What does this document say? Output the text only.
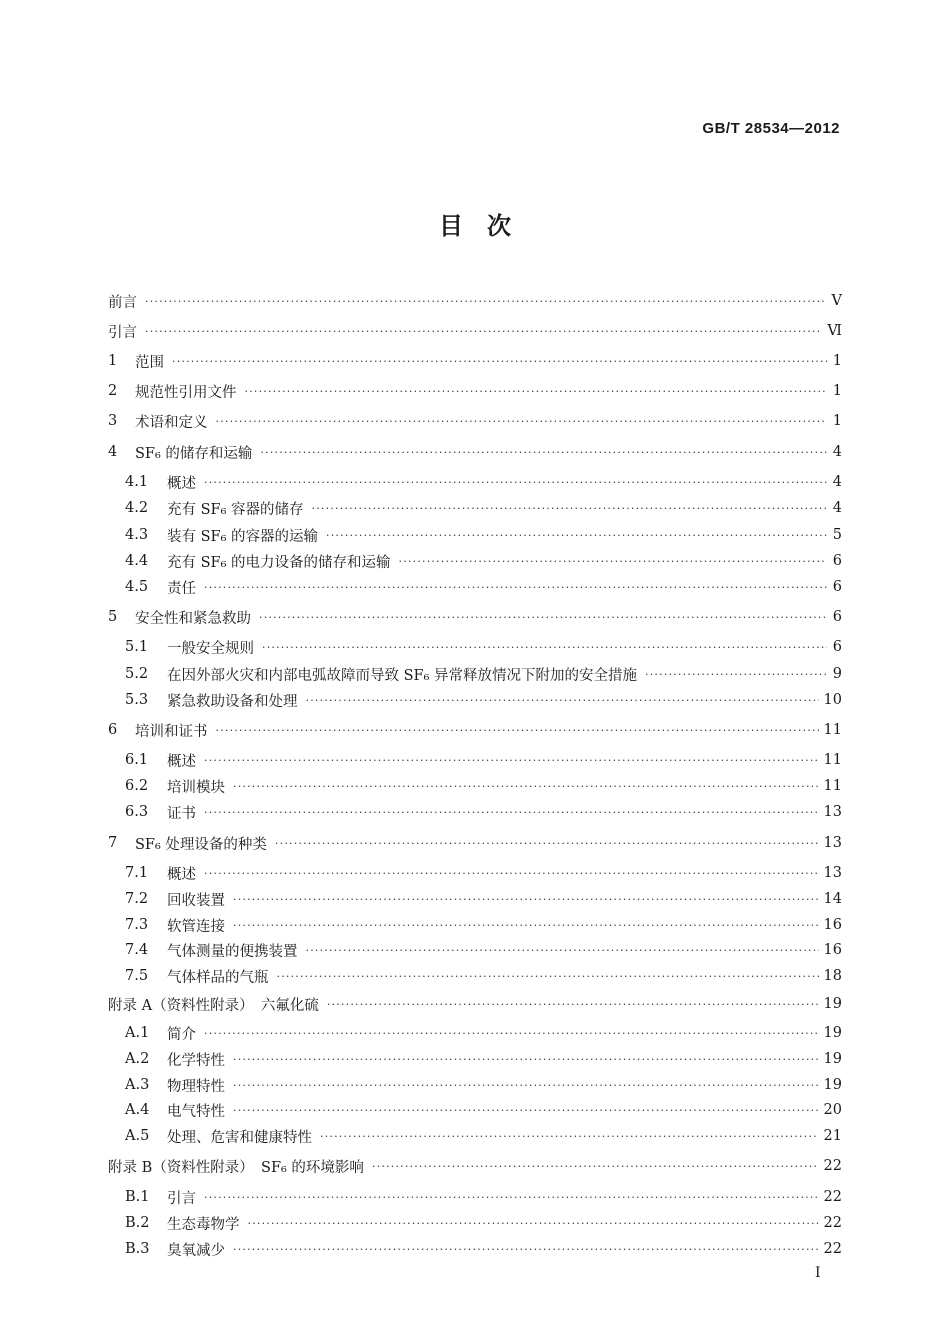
GB/T 28534—2012
目　次
前言 ·····	Ⅴ
引言 ·····	Ⅵ
1	范围 ·····	1
2	规范性引用文件 ·····	1
3	术语和定义 ·····	1
4	SF₆ 的储存和运输 ·····	4
4.1	概述 ·····	4
4.2	充有 SF₆ 容器的储存 ·····	4
4.3	装有 SF₆ 的容器的运输 ·····	5
4.4	充有 SF₆ 的电力设备的储存和运输 ·····	6
4.5	责任 ·····	6
5	安全性和紧急救助 ·····	6
5.1	一般安全规则 ·····	6
5.2	在因外部火灾和内部电弧故障而导致 SF₆ 异常释放情况下附加的安全措施 ·····	9
5.3	紧急救助设备和处理 ·····	10
6	培训和证书 ·····	11
6.1	概述 ·····	11
6.2	培训模块 ·····	11
6.3	证书 ·····	13
7	SF₆ 处理设备的种类 ·····	13
7.1	概述 ·····	13
7.2	回收装置 ·····	14
7.3	软管连接 ·····	16
7.4	气体测量的便携装置 ·····	16
7.5	气体样品的气瓶 ·····	18
附录 A（资料性附录）　六氟化硫 ·····	19
A.1	简介 ·····	19
A.2	化学特性 ·····	19
A.3	物理特性 ·····	19
A.4	电气特性 ·····	20
A.5	处理、危害和健康特性 ·····	21
附录 B（资料性附录）　SF₆ 的环境影响 ·····	22
B.1	引言 ·····	22
B.2	生态毒物学 ·····	22
B.3	臭氧减少 ·····	22
Ⅰ
